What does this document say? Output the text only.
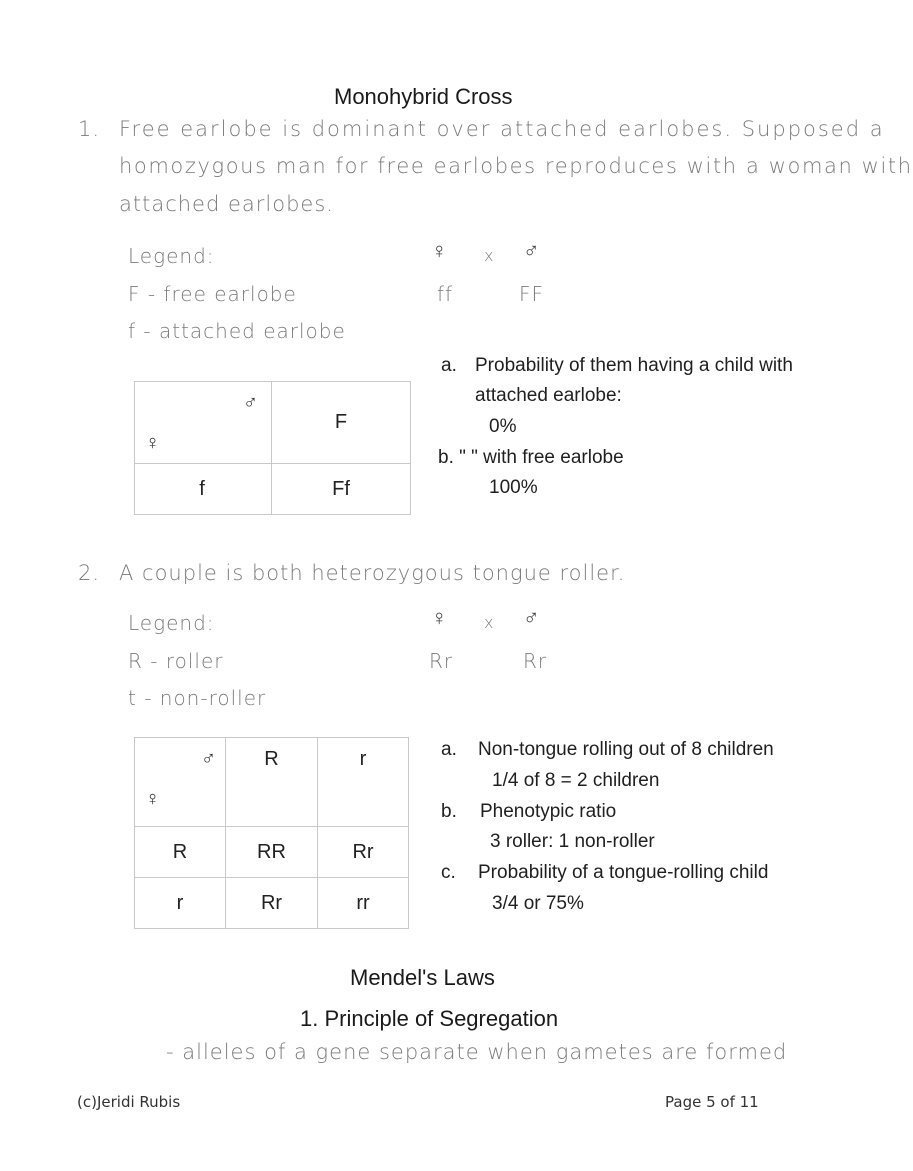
Monohybrid Cross
1. Free earlobe is dominant over attached earlobes. Supposed a
homozygous man for free earlobes reproduces with a woman with
attached earlobes.
Legend:
F - free earlobe
f - attached earlobe
♀ x ♂
ff	FF
♂
♀	F
f	Ff
a. Probability of them having a child with
attached earlobe:
0%
b. " " with free earlobe
100%
2. A couple is both heterozygous tongue roller.
Legend:
R - roller
t - non-roller
♀ x ♂
Rr	Rr
♂
♀	R	r
R	RR	Rr
r	Rr	rr
a. Non-tongue rolling out of 8 children
1/4 of 8 = 2 children
b. Phenotypic ratio
3 roller: 1 non-roller
c. Probability of a tongue-rolling child
3/4 or 75%
Mendel's Laws
1. Principle of Segregation
- alleles of a gene separate when gametes are formed
(c)Jeridi Rubis	Page 5 of 11
